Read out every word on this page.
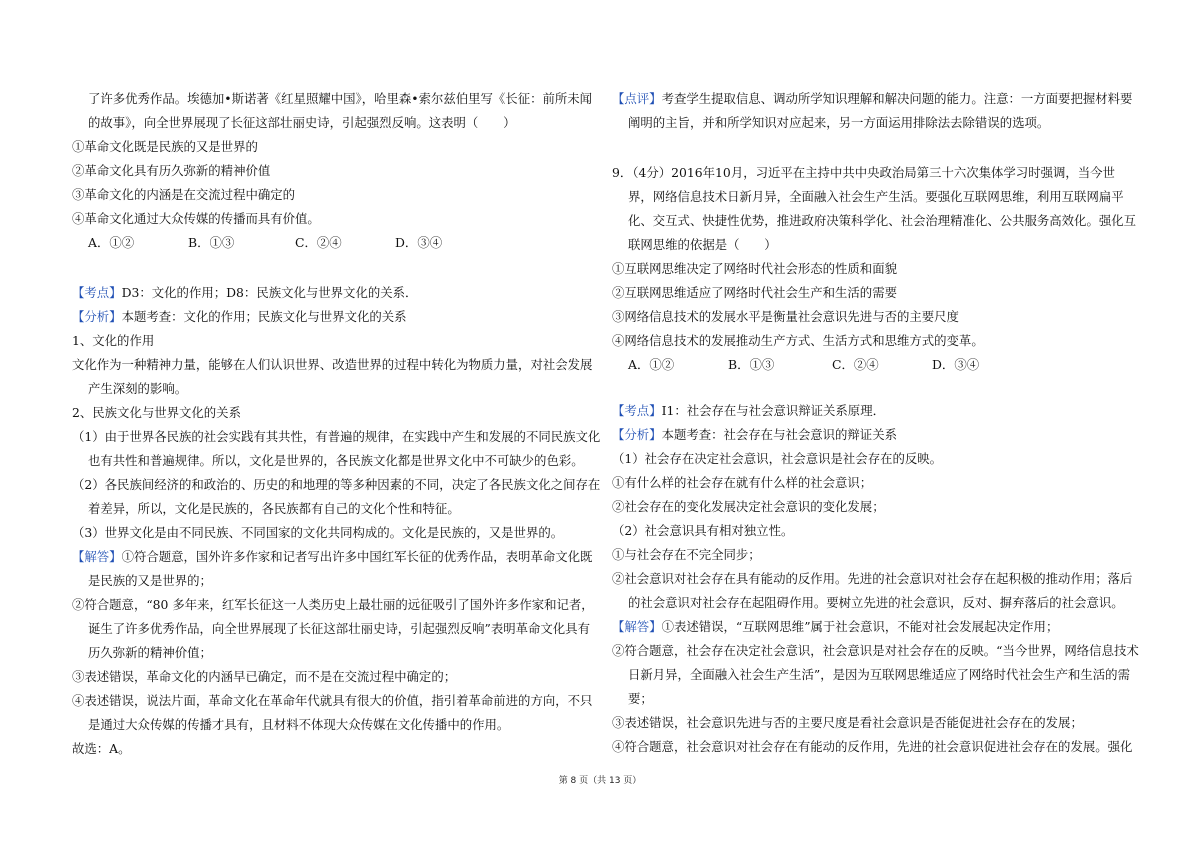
了许多优秀作品。埃德加•斯诺著《红星照耀中国》，哈里森•索尔兹伯里写《长征：前所未闻
的故事》，向全世界展现了长征这部壮丽史诗，引起强烈反响。这表明（　　）
①革命文化既是民族的又是世界的
②革命文化具有历久弥新的精神价值
③革命文化的内涵是在交流过程中确定的
④革命文化通过大众传媒的传播而具有价值。
A．①②	B．①③	C．②④	D．③④
【考点】D3：文化的作用；D8：民族文化与世界文化的关系．
【分析】本题考查：文化的作用；民族文化与世界文化的关系
1、文化的作用
文化作为一种精神力量，能够在人们认识世界、改造世界的过程中转化为物质力量，对社会发展
产生深刻的影响。
2、民族文化与世界文化的关系
（1）由于世界各民族的社会实践有其共性，有普遍的规律，在实践中产生和发展的不同民族文化
也有共性和普遍规律。所以，文化是世界的，各民族文化都是世界文化中不可缺少的色彩。
（2）各民族间经济的和政治的、历史的和地理的等多种因素的不同，决定了各民族文化之间存在
着差异，所以，文化是民族的，各民族都有自己的文化个性和特征。
（3）世界文化是由不同民族、不同国家的文化共同构成的。文化是民族的，又是世界的。
【解答】①符合题意，国外许多作家和记者写出许多中国红军长征的优秀作品，表明革命文化既
是民族的又是世界的；
②符合题意，“80 多年来，红军长征这一人类历史上最壮丽的远征吸引了国外许多作家和记者，
诞生了许多优秀作品，向全世界展现了长征这部壮丽史诗，引起强烈反响”表明革命文化具有
历久弥新的精神价值；
③表述错误，革命文化的内涵早已确定，而不是在交流过程中确定的；
④表述错误，说法片面，革命文化在革命年代就具有很大的价值，指引着革命前进的方向，不只
是通过大众传媒的传播才具有，且材料不体现大众传媒在文化传播中的作用。
故选：A。
【点评】考查学生提取信息、调动所学知识理解和解决问题的能力。注意：一方面要把握材料要
阐明的主旨，并和所学知识对应起来，另一方面运用排除法去除错误的选项。
9．（4分）2016年10月，习近平在主持中共中央政治局第三十六次集体学习时强调，当今世
界，网络信息技术日新月异，全面融入社会生产生活。要强化互联网思维，利用互联网扁平
化、交互式、快捷性优势，推进政府决策科学化、社会治理精准化、公共服务高效化。强化互
联网思维的依据是（　　）
①互联网思维决定了网络时代社会形态的性质和面貌
②互联网思维适应了网络时代社会生产和生活的需要
③网络信息技术的发展水平是衡量社会意识先进与否的主要尺度
④网络信息技术的发展推动生产方式、生活方式和思维方式的变革。
A．①②	B．①③	C．②④	D．③④
【考点】I1：社会存在与社会意识辩证关系原理．
【分析】本题考查：社会存在与社会意识的辩证关系
（1）社会存在决定社会意识，社会意识是社会存在的反映。
①有什么样的社会存在就有什么样的社会意识；
②社会存在的变化发展决定社会意识的变化发展；
（2）社会意识具有相对独立性。
①与社会存在不完全同步；
②社会意识对社会存在具有能动的反作用。先进的社会意识对社会存在起积极的推动作用；落后
的社会意识对社会存在起阻碍作用。要树立先进的社会意识，反对、摒弃落后的社会意识。
【解答】①表述错误，“互联网思维”属于社会意识，不能对社会发展起决定作用；
②符合题意，社会存在决定社会意识，社会意识是对社会存在的反映。“当今世界，网络信息技术
日新月异，全面融入社会生产生活”，是因为互联网思维适应了网络时代社会生产和生活的需
要；
③表述错误，社会意识先进与否的主要尺度是看社会意识是否能促进社会存在的发展；
④符合题意，社会意识对社会存在有能动的反作用，先进的社会意识促进社会存在的发展。强化
第 8 页（共 13 页）
